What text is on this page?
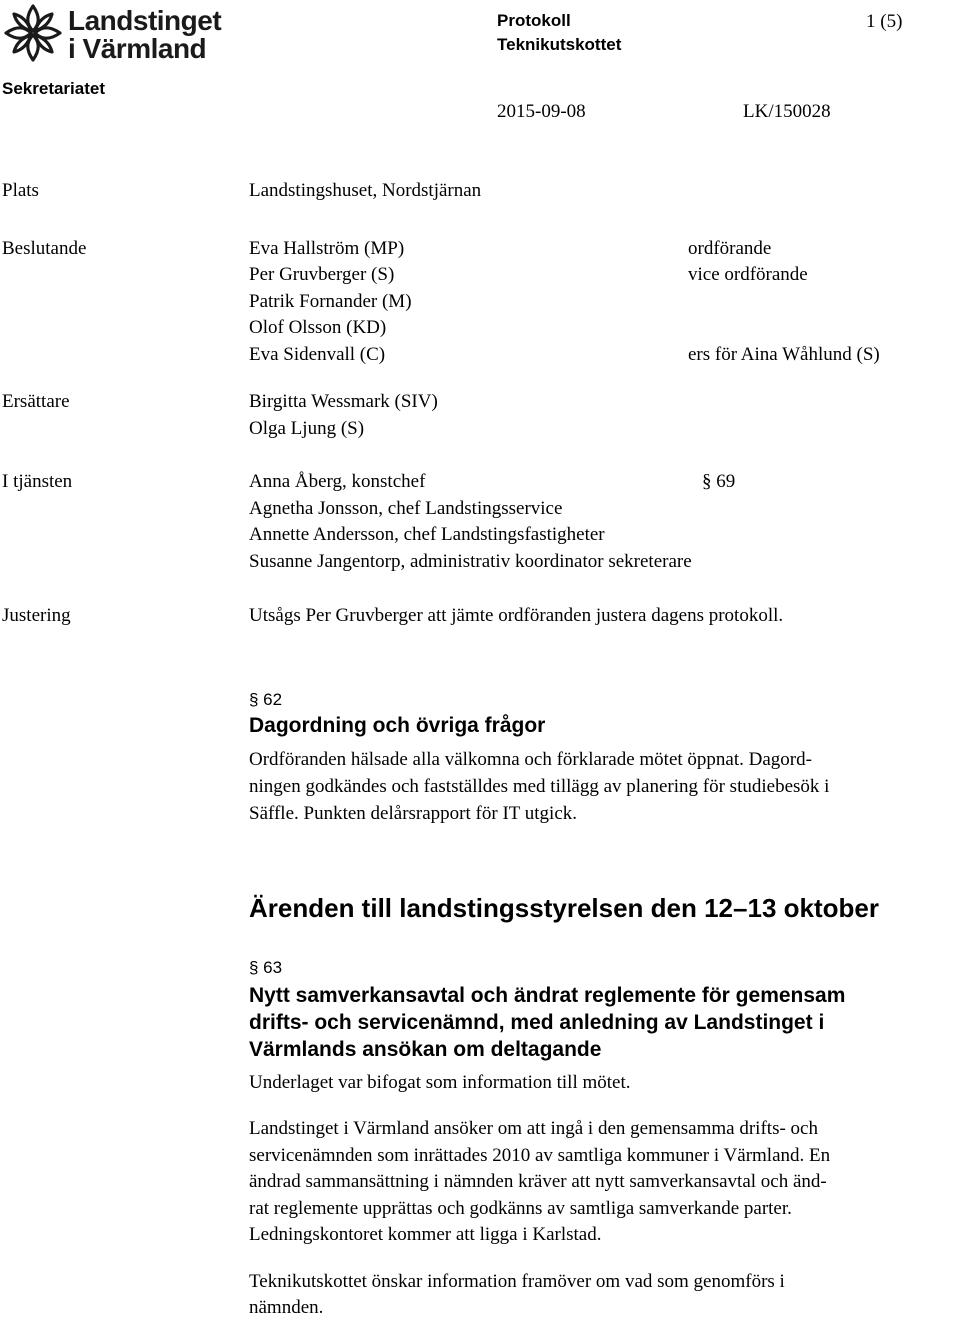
Landstinget
i Värmland
Sekretariatet
Protokoll
Teknikutskottet
1 (5)
2015-09-08	LK/150028
Plats	Landstingshuset, Nordstjärnan
Beslutande	Eva Hallström (MP)	ordförande
Per Gruvberger (S)	vice ordförande
Patrik Fornander (M)
Olof Olsson (KD)
Eva Sidenvall (C)	ers för Aina Wåhlund (S)
Ersättare	Birgitta Wessmark (SIV)
Olga Ljung (S)
I tjänsten	Anna Åberg, konstchef	§ 69
Agnetha Jonsson, chef Landstingsservice
Annette Andersson, chef Landstingsfastigheter
Susanne Jangentorp, administrativ koordinator sekreterare
Justering	Utsågs Per Gruvberger att jämte ordföranden justera dagens protokoll.
§ 62
Dagordning och övriga frågor
Ordföranden hälsade alla välkomna och förklarade mötet öppnat. Dagord-
ningen godkändes och fastställdes med tillägg av planering för studiebesök i
Säffle. Punkten delårsrapport för IT utgick.
Ärenden till landstingsstyrelsen den 12–13 oktober
§ 63
Nytt samverkansavtal och ändrat reglemente för gemensam
drifts- och servicenämnd, med anledning av Landstinget i
Värmlands ansökan om deltagande
Underlaget var bifogat som information till mötet.
Landstinget i Värmland ansöker om att ingå i den gemensamma drifts- och
servicenämnden som inrättades 2010 av samtliga kommuner i Värmland. En
ändrad sammansättning i nämnden kräver att nytt samverkansavtal och änd-
rat reglemente upprättas och godkänns av samtliga samverkande parter.
Ledningskontoret kommer att ligga i Karlstad.
Teknikutskottet önskar information framöver om vad som genomförs i
nämnden.
